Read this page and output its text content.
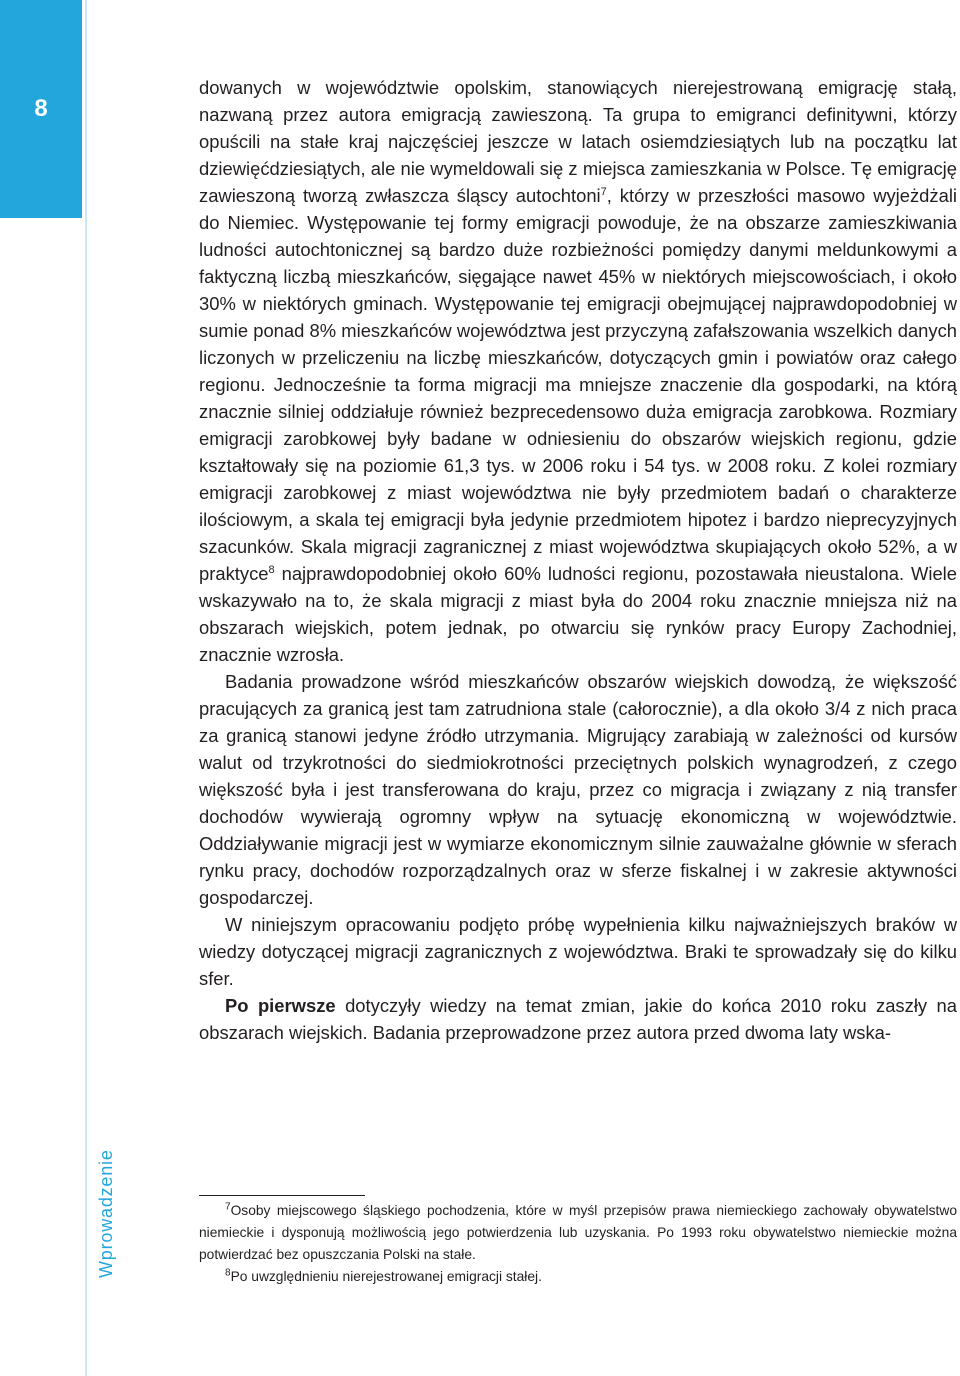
8
Wprowadzenie

dowanych w województwie opolskim, stanowiących nierejestrowaną emigrację stałą, nazwaną przez autora emigracją zawieszoną. Ta grupa to emigranci definitywni, którzy opuścili na stałe kraj najczęściej jeszcze w latach osiemdziesiątych lub na początku lat dziewięćdziesiątych, ale nie wymeldowali się z miejsca zamieszkania w Polsce. Tę emigrację zawieszoną tworzą zwłaszcza śląscy autochtoni$^7$, którzy w przeszłości masowo wyjeżdżali do Niemiec. Występowanie tej formy emigracji powoduje, że na obszarze zamieszkiwania ludności autochtonicznej są bardzo duże rozbieżności pomiędzy danymi meldunkowymi a faktyczną liczbą mieszkańców, sięgające nawet 45% w niektórych miejscowościach, i około 30% w niektórych gminach. Występowanie tej emigracji obejmującej najprawdopodobniej w sumie ponad 8% mieszkańców województwa jest przyczyną zafałszowania wszelkich danych liczonych w przeliczeniu na liczbę mieszkańców, dotyczących gmin i powiatów oraz całego regionu. Jednocześnie ta forma migracji ma mniejsze znaczenie dla gospodarki, na którą znacznie silniej oddziałuje również bezprecedensowo duża emigracja zarobkowa. Rozmiary emigracji zarobkowej były badane w odniesieniu do obszarów wiejskich regionu, gdzie kształtowały się na poziomie 61,3 tys. w 2006 roku i 54 tys. w 2008 roku. Z kolei rozmiary emigracji zarobkowej z miast województwa nie były przedmiotem badań o charakterze ilościowym, a skala tej emigracji była jedynie przedmiotem hipotez i bardzo nieprecyzyjnych szacunków. Skala migracji zagranicznej z miast województwa skupiających około 52%, a w praktyce$^8$ najprawdopodobniej około 60% ludności regionu, pozostawała nieustalona. Wiele wskazywało na to, że skala migracji z miast była do 2004 roku znacznie mniejsza niż na obszarach wiejskich, potem jednak, po otwarciu się rynków pracy Europy Zachodniej, znacznie wzrosła.

Badania prowadzone wśród mieszkańców obszarów wiejskich dowodzą, że większość pracujących za granicą jest tam zatrudniona stale (całorocznie), a dla około 3/4 z nich praca za granicą stanowi jedyne źródło utrzymania. Migrujący zarabiają w zależności od kursów walut od trzykrotności do siedmiokrotności przeciętnych polskich wynagrodzeń, z czego większość była i jest transferowana do kraju, przez co migracja i związany z nią transfer dochodów wywierają ogromny wpływ na sytuację ekonomiczną w województwie. Oddziaływanie migracji jest w wymiarze ekonomicznym silnie zauważalne głównie w sferach rynku pracy, dochodów rozporządzalnych oraz w sferze fiskalnej i w zakresie aktywności gospodarczej.

W niniejszym opracowaniu podjęto próbę wypełnienia kilku najważniejszych braków w wiedzy dotyczącej migracji zagranicznych z województwa. Braki te sprowadzały się do kilku sfer.

Po pierwsze dotyczyły wiedzy na temat zmian, jakie do końca 2010 roku zaszły na obszarach wiejskich. Badania przeprowadzone przez autora przed dwoma laty wska-

$^7$Osoby miejscowego śląskiego pochodzenia, które w myśl przepisów prawa niemieckiego zachowały obywatelstwo niemieckie i dysponują możliwością jego potwierdzenia lub uzyskania. Po 1993 roku obywatelstwo niemieckie można potwierdzać bez opuszczania Polski na stałe.

$^8$Po uwzględnieniu nierejestrowanej emigracji stałej.
